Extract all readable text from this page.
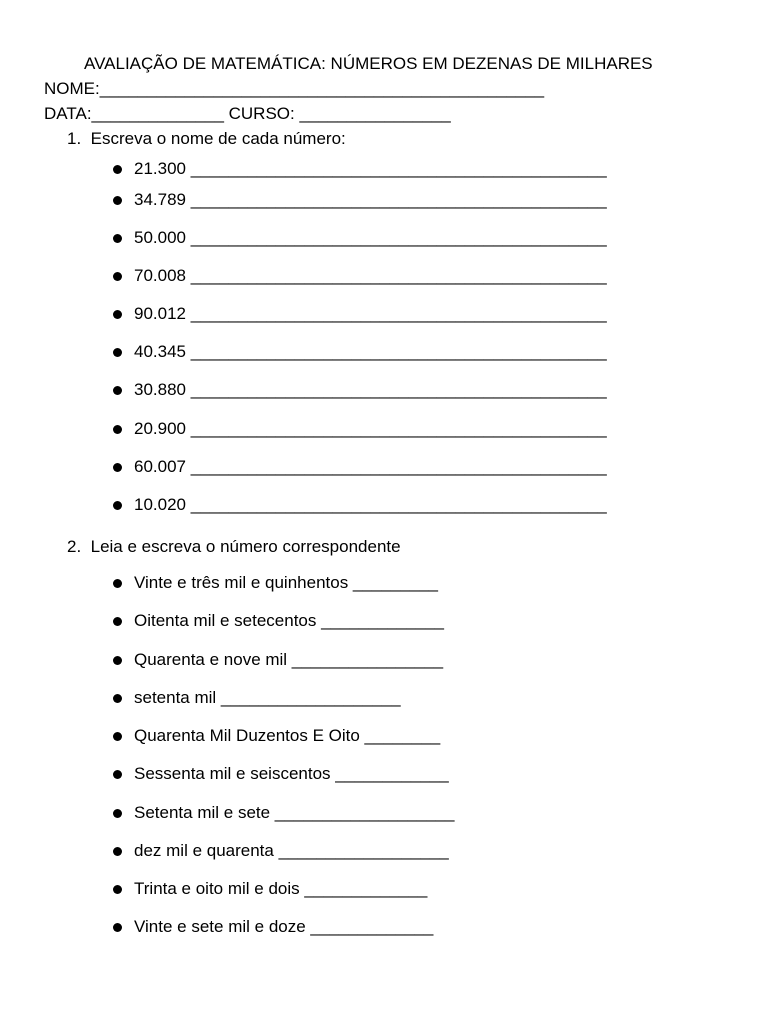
AVALIAÇÃO DE MATEMÁTICA: NÚMEROS EM DEZENAS DE MILHARES
NOME:_______________________________________________
DATA:______________ CURSO: ________________
1.  Escreva o nome de cada número:
21.300 ____________________________________________
34.789 ____________________________________________
50.000 ____________________________________________
70.008 ____________________________________________
90.012 ____________________________________________
40.345 ____________________________________________
30.880 ____________________________________________
20.900 ____________________________________________
60.007 ____________________________________________
10.020 ____________________________________________
2.  Leia e escreva o número correspondente
Vinte e três mil e quinhentos _________
Oitenta mil e setecentos _____________
Quarenta e nove mil ________________
setenta mil ___________________
Quarenta Mil Duzentos E Oito ________
Sessenta mil e seiscentos ____________
Setenta mil e sete ___________________
dez mil e quarenta __________________
Trinta e oito mil e dois _____________
Vinte e sete mil e doze _____________
